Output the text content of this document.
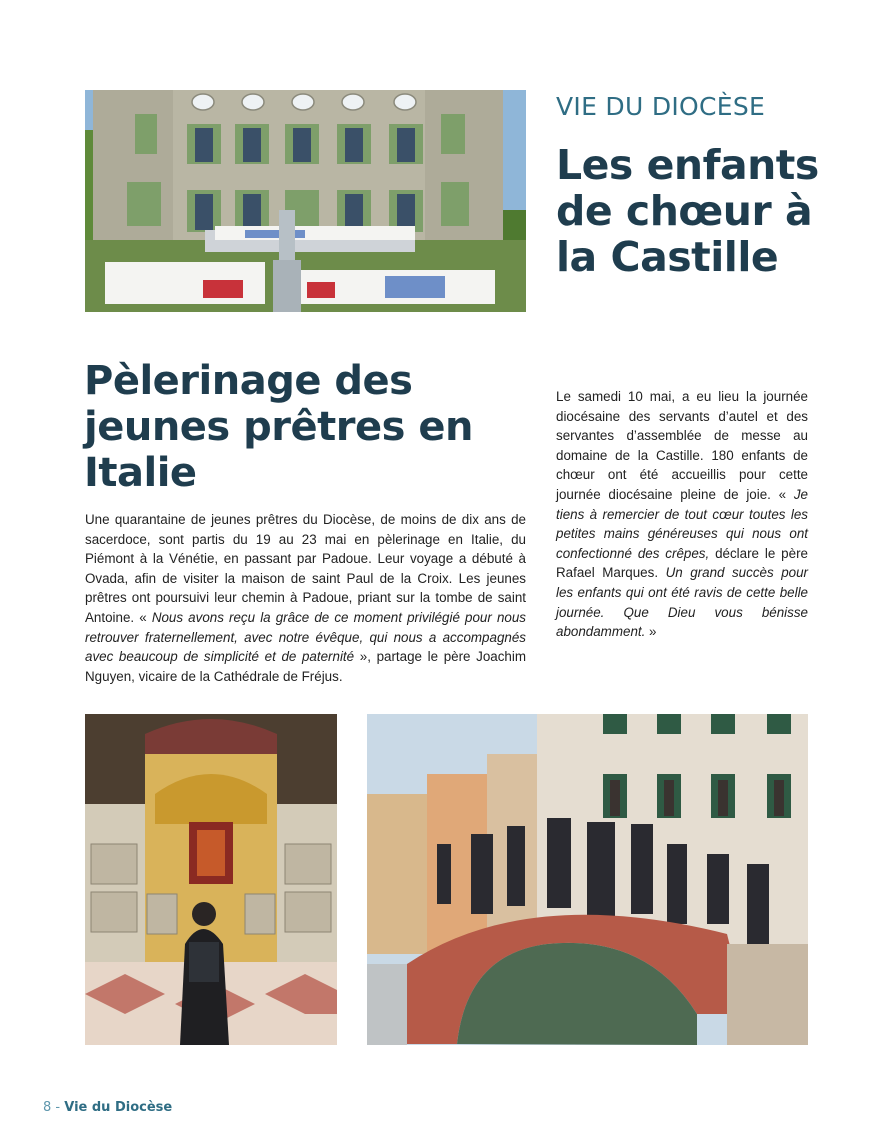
VIE DU DIOCÈSE
Les enfants de chœur à la Castille

Le samedi 10 mai, a eu lieu la journée diocésaine des servants d’autel et des servantes d’assemblée de messe au domaine de la Castille. 180 enfants de chœur ont été accueillis pour cette journée diocésaine pleine de joie. « Je tiens à remercier de tout cœur toutes les petites mains généreuses qui nous ont confectionné des crêpes, déclare le père Rafael Marques. Un grand succès pour les enfants qui ont été ravis de cette belle journée. Que Dieu vous bénisse abondamment. »

Pèlerinage des jeunes prêtres en Italie

Une quarantaine de jeunes prêtres du Diocèse, de moins de dix ans de sacerdoce, sont partis du 19 au 23 mai en pèlerinage en Italie, du Piémont à la Vénétie, en passant par Padoue. Leur voyage a débuté à Ovada, afin de visiter la maison de saint Paul de la Croix. Les jeunes prêtres ont poursuivi leur chemin à Padoue, priant sur la tombe de saint Antoine. « Nous avons reçu la grâce de ce moment privilégié pour nous retrouver fraternellement, avec notre évêque, qui nous a accompagnés avec beaucoup de simplicité et de paternité », partage le père Joachim Nguyen, vicaire de la Cathédrale de Fréjus.

8 - Vie du Diocèse
